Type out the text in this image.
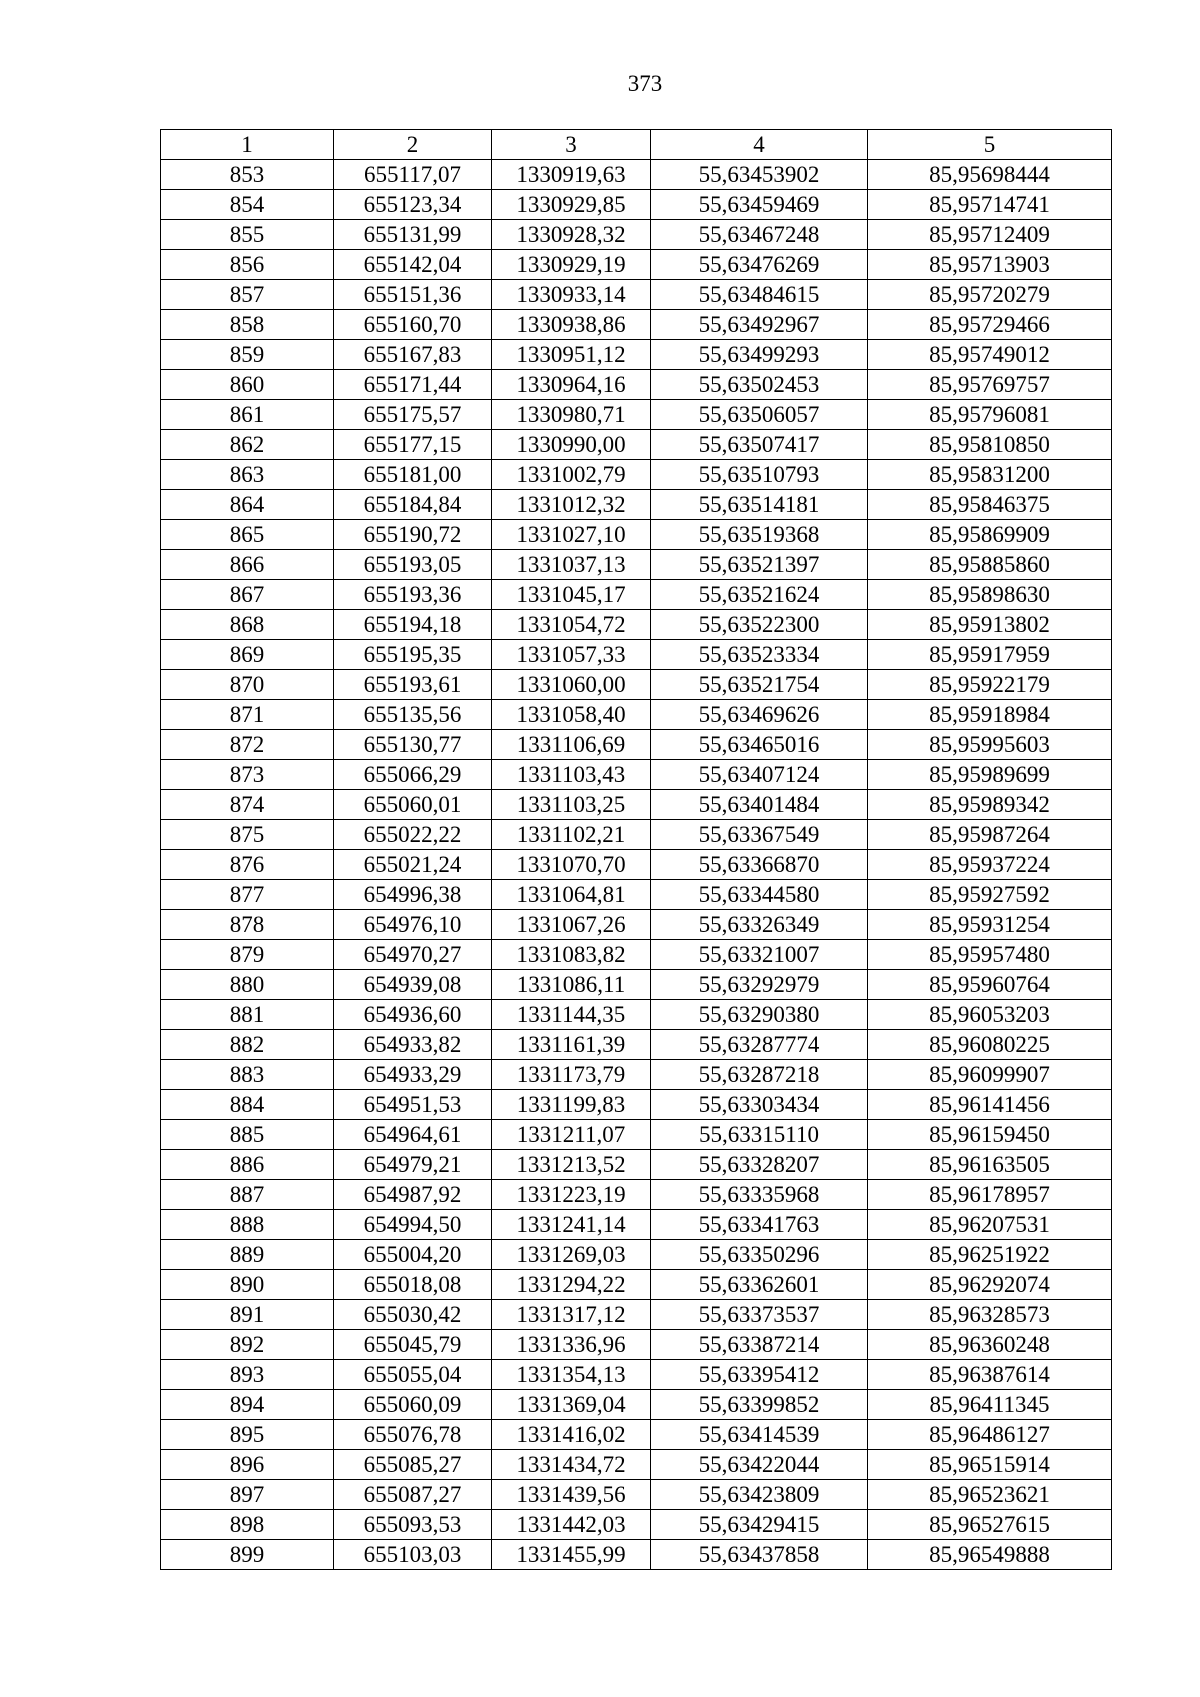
373
1	2	3	4	5
853	655117,07	1330919,63	55,63453902	85,95698444
854	655123,34	1330929,85	55,63459469	85,95714741
855	655131,99	1330928,32	55,63467248	85,95712409
856	655142,04	1330929,19	55,63476269	85,95713903
857	655151,36	1330933,14	55,63484615	85,95720279
858	655160,70	1330938,86	55,63492967	85,95729466
859	655167,83	1330951,12	55,63499293	85,95749012
860	655171,44	1330964,16	55,63502453	85,95769757
861	655175,57	1330980,71	55,63506057	85,95796081
862	655177,15	1330990,00	55,63507417	85,95810850
863	655181,00	1331002,79	55,63510793	85,95831200
864	655184,84	1331012,32	55,63514181	85,95846375
865	655190,72	1331027,10	55,63519368	85,95869909
866	655193,05	1331037,13	55,63521397	85,95885860
867	655193,36	1331045,17	55,63521624	85,95898630
868	655194,18	1331054,72	55,63522300	85,95913802
869	655195,35	1331057,33	55,63523334	85,95917959
870	655193,61	1331060,00	55,63521754	85,95922179
871	655135,56	1331058,40	55,63469626	85,95918984
872	655130,77	1331106,69	55,63465016	85,95995603
873	655066,29	1331103,43	55,63407124	85,95989699
874	655060,01	1331103,25	55,63401484	85,95989342
875	655022,22	1331102,21	55,63367549	85,95987264
876	655021,24	1331070,70	55,63366870	85,95937224
877	654996,38	1331064,81	55,63344580	85,95927592
878	654976,10	1331067,26	55,63326349	85,95931254
879	654970,27	1331083,82	55,63321007	85,95957480
880	654939,08	1331086,11	55,63292979	85,95960764
881	654936,60	1331144,35	55,63290380	85,96053203
882	654933,82	1331161,39	55,63287774	85,96080225
883	654933,29	1331173,79	55,63287218	85,96099907
884	654951,53	1331199,83	55,63303434	85,96141456
885	654964,61	1331211,07	55,63315110	85,96159450
886	654979,21	1331213,52	55,63328207	85,96163505
887	654987,92	1331223,19	55,63335968	85,96178957
888	654994,50	1331241,14	55,63341763	85,96207531
889	655004,20	1331269,03	55,63350296	85,96251922
890	655018,08	1331294,22	55,63362601	85,96292074
891	655030,42	1331317,12	55,63373537	85,96328573
892	655045,79	1331336,96	55,63387214	85,96360248
893	655055,04	1331354,13	55,63395412	85,96387614
894	655060,09	1331369,04	55,63399852	85,96411345
895	655076,78	1331416,02	55,63414539	85,96486127
896	655085,27	1331434,72	55,63422044	85,96515914
897	655087,27	1331439,56	55,63423809	85,96523621
898	655093,53	1331442,03	55,63429415	85,96527615
899	655103,03	1331455,99	55,63437858	85,96549888
